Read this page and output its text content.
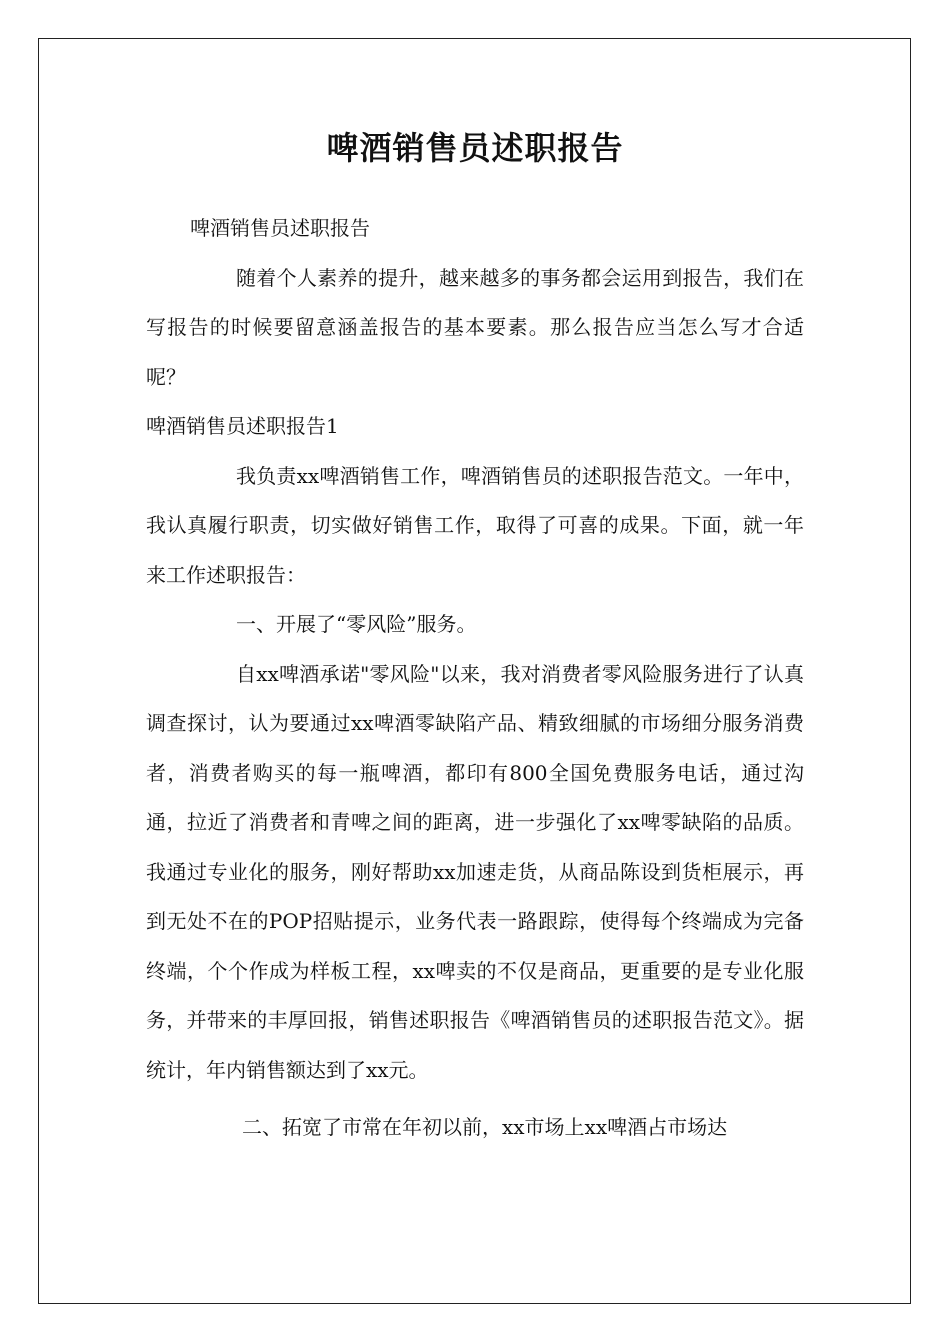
啤酒销售员述职报告

啤酒销售员述职报告

随着个人素养的提升，越来越多的事务都会运用到报告，我们在写报告的时候要留意涵盖报告的基本要素。那么报告应当怎么写才合适呢？

啤酒销售员述职报告1

我负责xx啤酒销售工作，啤酒销售员的述职报告范文。一年中，我认真履行职责，切实做好销售工作，取得了可喜的成果。下面，就一年来工作述职报告：

一、开展了“零风险”服务。

自xx啤酒承诺"零风险"以来，我对消费者零风险服务进行了认真调查探讨，认为要通过xx啤酒零缺陷产品、精致细腻的市场细分服务消费者，消费者购买的每一瓶啤酒，都印有800全国免费服务电话，通过沟通，拉近了消费者和青啤之间的距离，进一步强化了xx啤零缺陷的品质。我通过专业化的服务，刚好帮助xx加速走货，从商品陈设到货柜展示，再到无处不在的POP招贴提示，业务代表一路跟踪，使得每个终端成为完备终端，个个作成为样板工程，xx啤卖的不仅是商品，更重要的是专业化服务，并带来的丰厚回报，销售述职报告《啤酒销售员的述职报告范文》。据统计，年内销售额达到了xx元。

二、拓宽了市常在年初以前，xx市场上xx啤酒占市场达
